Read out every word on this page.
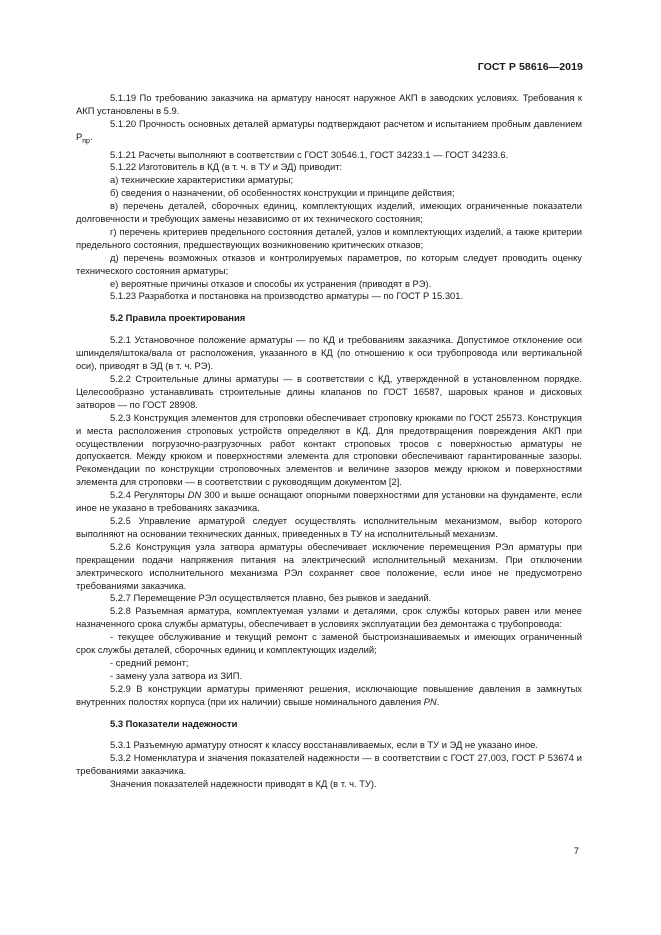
ГОСТ Р 58616—2019

5.1.19 По требованию заказчика на арматуру наносят наружное АКП в заводских условиях. Требования к АКП установлены в 5.9.

5.1.20 Прочность основных деталей арматуры подтверждают расчетом и испытанием пробным давлением $P_{пр}$.

5.1.21 Расчеты выполняют в соответствии с ГОСТ 30546.1, ГОСТ 34233.1 — ГОСТ 34233.6.

5.1.22 Изготовитель в КД (в т. ч. в ТУ и ЭД) приводит:

а) технические характеристики арматуры;

б) сведения о назначении, об особенностях конструкции и принципе действия;

в) перечень деталей, сборочных единиц, комплектующих изделий, имеющих ограниченные показатели долговечности и требующих замены независимо от их технического состояния;

г) перечень критериев предельного состояния деталей, узлов и комплектующих изделий, а также критерии предельного состояния, предшествующих возникновению критических отказов;

д) перечень возможных отказов и контролируемых параметров, по которым следует проводить оценку технического состояния арматуры;

е) вероятные причины отказов и способы их устранения (приводят в РЭ).

5.1.23 Разработка и постановка на производство арматуры — по ГОСТ Р 15.301.

5.2 Правила проектирования

5.2.1 Установочное положение арматуры — по КД и требованиям заказчика. Допустимое отклонение оси шпинделя/штока/вала от расположения, указанного в КД (по отношению к оси трубопровода или вертикальной оси), приводят в ЭД (в т. ч. РЭ).

5.2.2 Строительные длины арматуры — в соответствии с КД, утвержденной в установленном порядке. Целесообразно устанавливать строительные длины клапанов по ГОСТ 16587, шаровых кранов и дисковых затворов — по ГОСТ 28908.

5.2.3 Конструкция элементов для строповки обеспечивает строповку крюками по ГОСТ 25573. Конструкция и места расположения строповых устройств определяют в КД. Для предотвращения повреждения АКП при осуществлении погрузочно-разгрузочных работ контакт строповых тросов с поверхностью арматуры не допускается. Между крюком и поверхностями элемента для строповки обеспечивают гарантированные зазоры. Рекомендации по конструкции строповочных элементов и величине зазоров между крюком и поверхностями элемента для строповки — в соответствии с руководящим документом [2].

5.2.4 Регуляторы DN 300 и выше оснащают опорными поверхностями для установки на фундаменте, если иное не указано в требованиях заказчика.

5.2.5 Управление арматурой следует осуществлять исполнительным механизмом, выбор которого выполняют на основании технических данных, приведенных в ТУ на исполнительный механизм.

5.2.6 Конструкция узла затвора арматуры обеспечивает исключение перемещения РЭл арматуры при прекращении подачи напряжения питания на электрический исполнительный механизм. При отключении электрического исполнительного механизма РЭл сохраняет свое положение, если иное не предусмотрено требованиями заказчика.

5.2.7 Перемещение РЭл осуществляется плавно, без рывков и заеданий.

5.2.8 Разъемная арматура, комплектуемая узлами и деталями, срок службы которых равен или менее назначенного срока службы арматуры, обеспечивает в условиях эксплуатации без демонтажа с трубопровода:

- текущее обслуживание и текущий ремонт с заменой быстроизнашиваемых и имеющих ограниченный срок службы деталей, сборочных единиц и комплектующих изделий;

- средний ремонт;

- замену узла затвора из ЗИП.

5.2.9 В конструкции арматуры применяют решения, исключающие повышение давления в замкнутых внутренних полостях корпуса (при их наличии) свыше номинального давления PN.

5.3 Показатели надежности

5.3.1 Разъемную арматуру относят к классу восстанавливаемых, если в ТУ и ЭД не указано иное.

5.3.2 Номенклатура и значения показателей надежности — в соответствии с ГОСТ 27.003, ГОСТ Р 53674 и требованиями заказчика.

Значения показателей надежности приводят в КД (в т. ч. ТУ).

7
